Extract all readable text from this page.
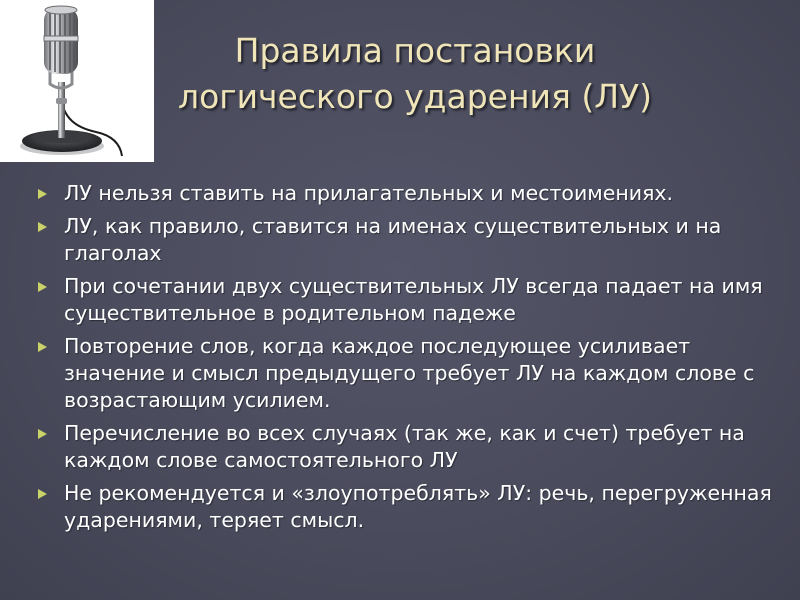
Правила постановки
логического ударения (ЛУ)
ЛУ нельзя ставить на прилагательных и местоимениях.
ЛУ, как правило, ставится на именах существительных и на глаголах
При сочетании двух существительных ЛУ всегда падает на имя существительное в родительном падеже
Повторение слов, когда каждое последующее усиливает значение и смысл предыдущего требует ЛУ на каждом слове с возрастающим усилием.
Перечисление во всех случаях (так же, как и счет) требует на каждом слове самостоятельного ЛУ
Не рекомендуется и «злоупотреблять» ЛУ: речь, перегруженная ударениями, теряет смысл.
